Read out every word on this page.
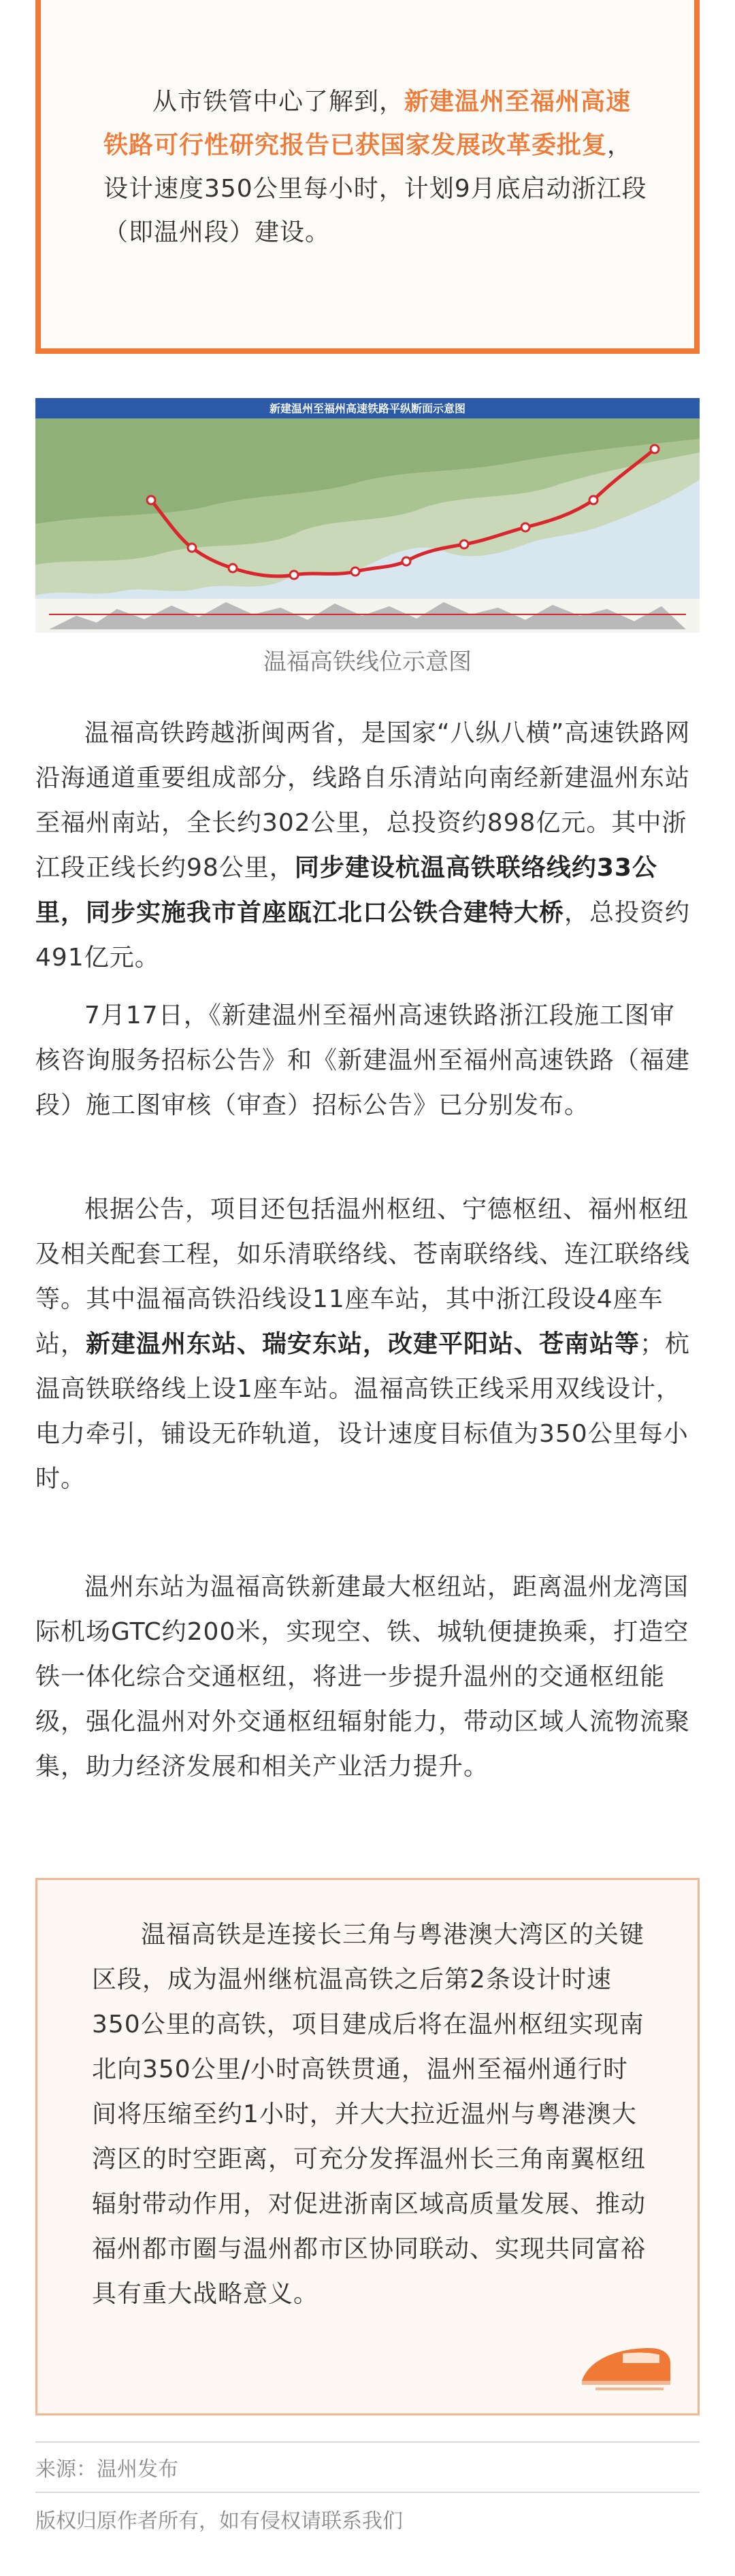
从市铁管中心了解到，新建温州至福州高速铁路可行性研究报告已获国家发展改革委批复，设计速度350公里每小时，计划9月底启动浙江段（即温州段）建设。

新建温州至福州高速铁路平纵断面示意图
温福高铁线位示意图

温福高铁跨越浙闽两省，是国家“八纵八横”高速铁路网沿海通道重要组成部分，线路自乐清站向南经新建温州东站至福州南站，全长约302公里，总投资约898亿元。其中浙江段正线长约98公里，同步建设杭温高铁联络线约33公里，同步实施我市首座瓯江北口公铁合建特大桥，总投资约491亿元。

7月17日，《新建温州至福州高速铁路浙江段施工图审核咨询服务招标公告》和《新建温州至福州高速铁路（福建段）施工图审核（审查）招标公告》已分别发布。

根据公告，项目还包括温州枢纽、宁德枢纽、福州枢纽及相关配套工程，如乐清联络线、苍南联络线、连江联络线等。其中温福高铁沿线设11座车站，其中浙江段设4座车站，新建温州东站、瑞安东站，改建平阳站、苍南站等；杭温高铁联络线上设1座车站。温福高铁正线采用双线设计，电力牵引，铺设无砟轨道，设计速度目标值为350公里每小时。

温州东站为温福高铁新建最大枢纽站，距离温州龙湾国际机场GTC约200米，实现空、铁、城轨便捷换乘，打造空铁一体化综合交通枢纽，将进一步提升温州的交通枢纽能级，强化温州对外交通枢纽辐射能力，带动区域人流物流聚集，助力经济发展和相关产业活力提升。

温福高铁是连接长三角与粤港澳大湾区的关键区段，成为温州继杭温高铁之后第2条设计时速350公里的高铁，项目建成后将在温州枢纽实现南北向350公里/小时高铁贯通，温州至福州通行时间将压缩至约1小时，并大大拉近温州与粤港澳大湾区的时空距离，可充分发挥温州长三角南翼枢纽辐射带动作用，对促进浙南区域高质量发展、推动福州都市圈与温州都市区协同联动、实现共同富裕具有重大战略意义。

来源：温州发布
版权归原作者所有，如有侵权请联系我们
